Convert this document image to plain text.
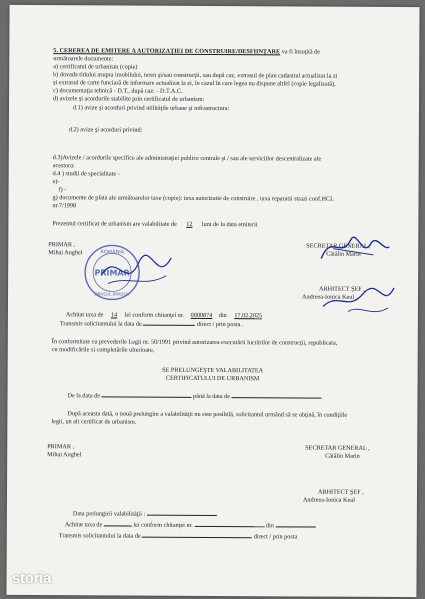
5. CEREREA DE EMITERE A AUTORIZAŢIEI DE CONSTRUIRE/DESFIINŢARE va fi însoţită de
următoarele documente:
a) certificatul de urbanism (copie)
b) dovada titlului asupra imobilului, teren şi/sau construcţii, sau după caz, extrasul de plan cadastral actualizat la zi
şi extrasul de carte funciară de informare actualizat la zi, în cazul în care legea nu dispune altfel (copie legalizată),
c) documentaţia tehnică - D.T., după caz: - D.T.A.C.
d) avizele şi acordurile stabilite prin certificatul de urbanism:
d.1) avize şi acorduri privind utilităţile urbane şi infrastructura:
d.2) avize şi acorduri privind:
d.3)Avizele / acordurile specifice ale administraţiei publice centrale şi / sau ale serviciilor descentralizate ale
acestora:
d.4 ) studii de specialitate -
e)-
f) -
g) documente de plata ale următoarelor taxe (copie): taxa autorizatie de construire , taxa reparatii strazi conf.HCL
nr.7/1998
Prezentul certificat de urbanism are valabilitate de 12 luni de la data emiterii
PRIMAR ,
Mihai Anghel
SECRETAR GENERAL ,
Cătălin Marin
ARHITECT ŞEF ,
Andreea-Ionica Keul
ROMÂNIA
PRIMAR
ORAŞUL BRAŞOV
Achitat taxa de 14 lei conform chitanţei nr. 0000874 din 17.02.2025
Transmis solicitantului la data de	direct / prin posta .
În conformitate cu prevederile Legii nr. 50/1991 privind autorizarea executării lucrărilor de construcţii, republicata,
cu modificările si completările ulterioare,
SE PRELUNGEŞTE VALABILITATEA
CERTIFICATULUI DE URBANISM
De la data de	până la data de
După aceasta dată, o nouă prelungire a valabilităţii nu este posibilă, solicitantul urmând să se obţină, în condiţiile
legii, un alt certificat de urbanism.
PRIMAR ,
Mihai Anghel
SECRETAR GENERAL ,
Cătălin Marin
ARHITECT ŞEF ,
Andreea-Ionica Keul
Data prelungirii valabilităţii :
Achitat taxa de	lei conform chitanţei nr.	din
Transmis solicitantului la data de	direct / prin posta
storia
